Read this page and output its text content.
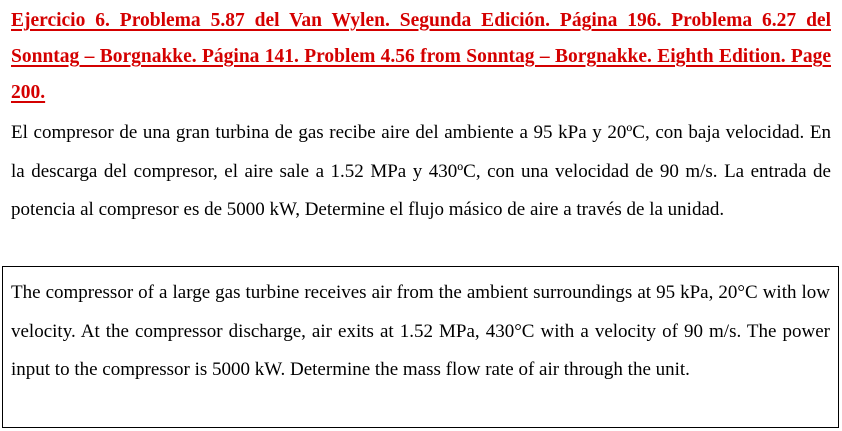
Ejercicio 6. Problema 5.87 del Van Wylen. Segunda Edición. Página 196. Problema 6.27 del Sonntag – Borgnakke. Página 141. Problem 4.56 from Sonntag – Borgnakke. Eighth Edition. Page 200.

El compresor de una gran turbina de gas recibe aire del ambiente a 95 kPa y 20ºC, con baja velocidad. En la descarga del compresor, el aire sale a 1.52 MPa y 430ºC, con una velocidad de 90 m/s. La entrada de potencia al compresor es de 5000 kW, Determine el flujo másico de aire a través de la unidad.

The compressor of a large gas turbine receives air from the ambient surroundings at 95 kPa, 20°C with low velocity. At the compressor discharge, air exits at 1.52 MPa, 430°C with a velocity of 90 m/s. The power input to the compressor is 5000 kW. Determine the mass flow rate of air through the unit.
